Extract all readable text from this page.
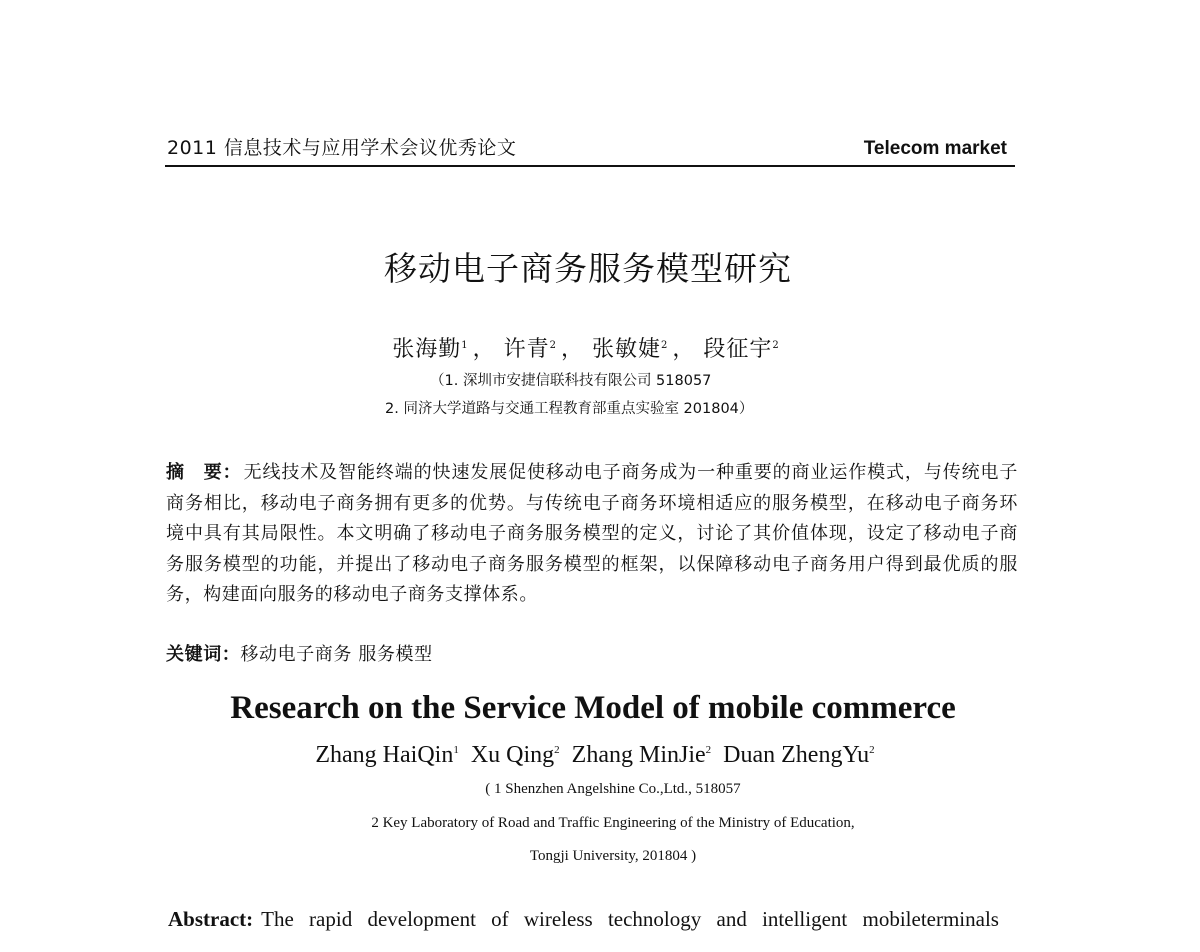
2011 信息技术与应用学术会议优秀论文	Telecom market
移动电子商务服务模型研究
张海勤$^1$ ， 许青$^2$ ， 张敏婕$^2$ ， 段征宇$^2$
（1. 深圳市安捷信联科技有限公司 518057
2. 同济大学道路与交通工程教育部重点实验室 201804）
摘　要： 无线技术及智能终端的快速发展促使移动电子商务成为一种重要的商业运作模式，与传统电子商务相比，移动电子商务拥有更多的优势。与传统电子商务环境相适应的服务模型，在移动电子商务环境中具有其局限性。本文明确了移动电子商务服务模型的定义，讨论了其价值体现，设定了移动电子商务服务模型的功能，并提出了移动电子商务服务模型的框架，以保障移动电子商务用户得到最优质的服务，构建面向服务的移动电子商务支撑体系。
关键词：移动电子商务 服务模型
Research on the Service Model of mobile commerce
Zhang HaiQin$^1$ Xu Qing$^2$ Zhang MinJie$^2$ Duan ZhengYu$^2$
( 1 Shenzhen Angelshine Co.,Ltd., 518057
2 Key Laboratory of Road and Traffic Engineering of the Ministry of Education,
Tongji University, 201804 )
Abstract: The rapid development of wireless technology and intelligent mobileterminals
